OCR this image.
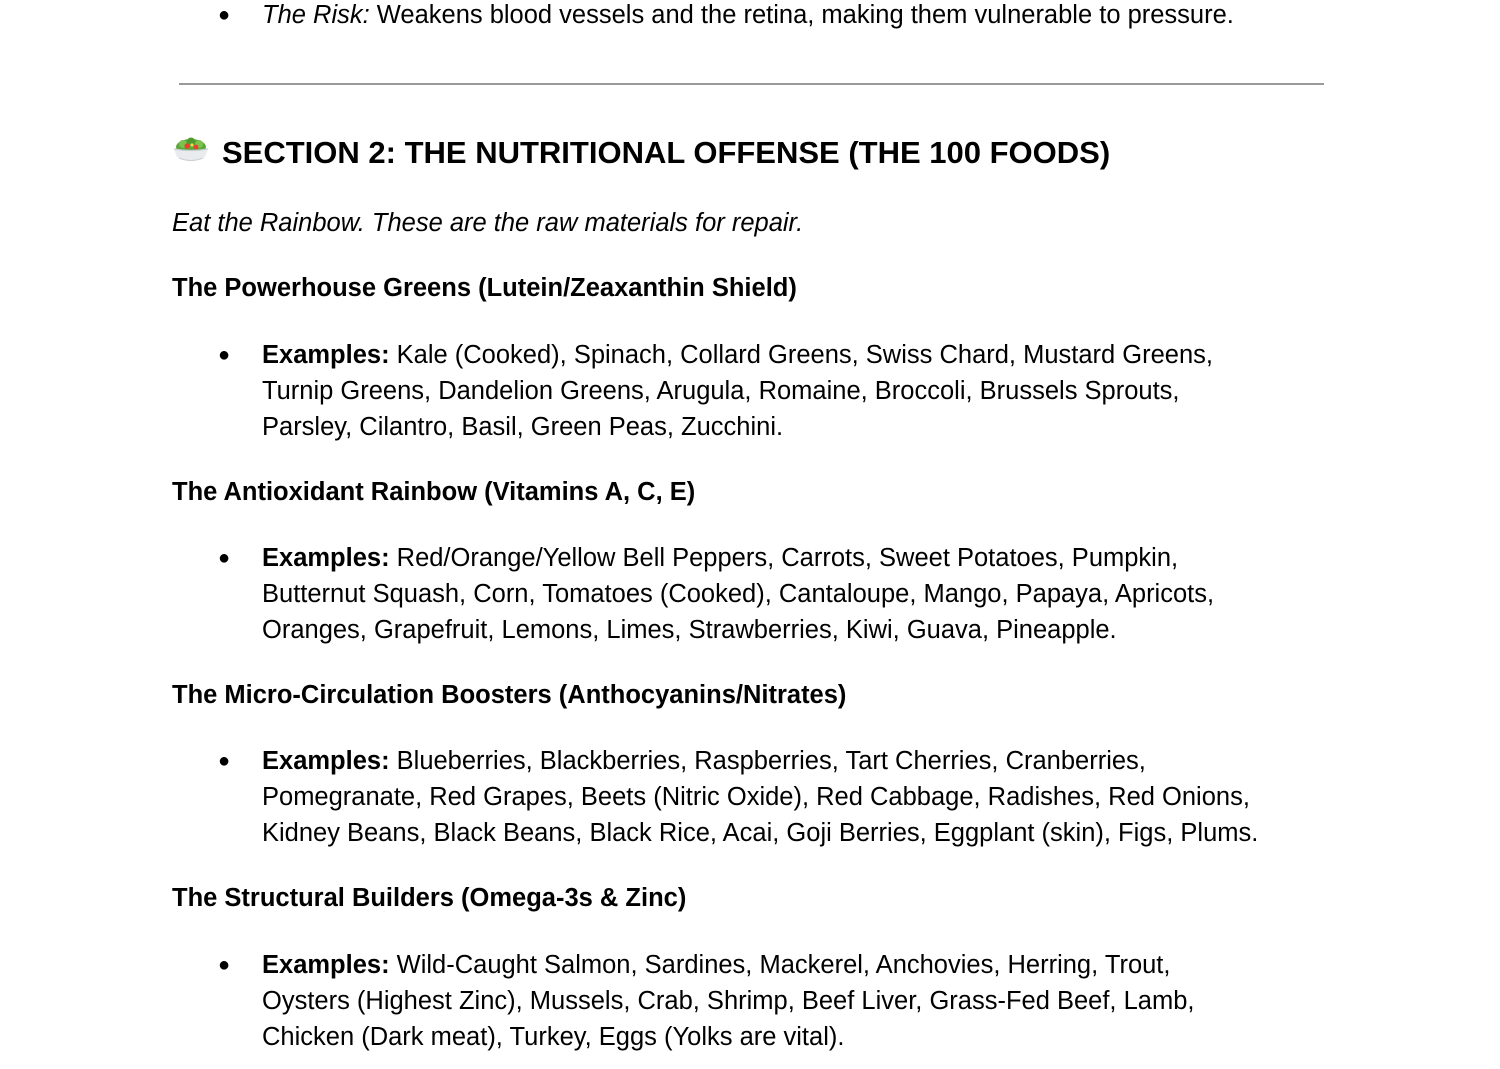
●	The Risk: Weakens blood vessels and the retina, making them vulnerable to pressure.
SECTION 2: THE NUTRITIONAL OFFENSE (THE 100 FOODS)
Eat the Rainbow. These are the raw materials for repair.
The Powerhouse Greens (Lutein/Zeaxanthin Shield)
●	Examples: Kale (Cooked), Spinach, Collard Greens, Swiss Chard, Mustard Greens,
Turnip Greens, Dandelion Greens, Arugula, Romaine, Broccoli, Brussels Sprouts,
Parsley, Cilantro, Basil, Green Peas, Zucchini.
The Antioxidant Rainbow (Vitamins A, C, E)
●	Examples: Red/Orange/Yellow Bell Peppers, Carrots, Sweet Potatoes, Pumpkin,
Butternut Squash, Corn, Tomatoes (Cooked), Cantaloupe, Mango, Papaya, Apricots,
Oranges, Grapefruit, Lemons, Limes, Strawberries, Kiwi, Guava, Pineapple.
The Micro-Circulation Boosters (Anthocyanins/Nitrates)
●	Examples: Blueberries, Blackberries, Raspberries, Tart Cherries, Cranberries,
Pomegranate, Red Grapes, Beets (Nitric Oxide), Red Cabbage, Radishes, Red Onions,
Kidney Beans, Black Beans, Black Rice, Acai, Goji Berries, Eggplant (skin), Figs, Plums.
The Structural Builders (Omega-3s & Zinc)
●	Examples: Wild-Caught Salmon, Sardines, Mackerel, Anchovies, Herring, Trout,
Oysters (Highest Zinc), Mussels, Crab, Shrimp, Beef Liver, Grass-Fed Beef, Lamb,
Chicken (Dark meat), Turkey, Eggs (Yolks are vital).
